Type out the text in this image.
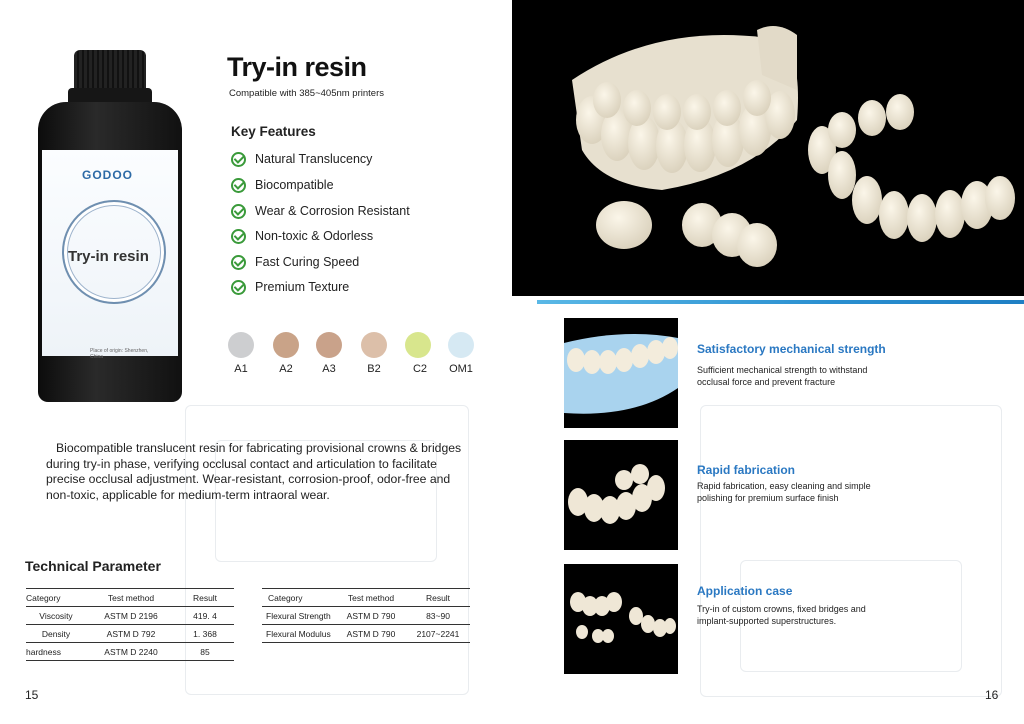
GODOO
Try-in resin
Place of origin: Shenzhen, China
Try-in resin
Compatible with 385~405nm printers
Key Features
Natural Translucency
Biocompatible
Wear & Corrosion Resistant
Non-toxic & Odorless
Fast Curing Speed
Premium Texture
A1	A2	A3	B2	C2	OM1
Biocompatible translucent resin for fabricating provisional crowns & bridges during try-in phase, verifying occlusal contact and articulation to facilitate precise occlusal adjustment. Wear-resistant, corrosion-proof, odor-free and non-toxic, applicable for medium-term intraoral wear.
Technical Parameter
Category	Test method	Result
Viscosity	ASTM D 2196	419. 4
Density	ASTM D 792	1. 368
hardness	ASTM D 2240	85
Category	Test method	Result
Flexural Strength	ASTM D 790	83~90
Flexural Modulus	ASTM D 790	2107~2241
15
Satisfactory mechanical strength
Sufficient mechanical strength to withstand occlusal force and prevent fracture
Rapid fabrication
Rapid fabrication, easy cleaning and simple polishing for premium surface finish
Application case
Try-in of custom crowns, fixed bridges and implant-supported superstructures.
16
